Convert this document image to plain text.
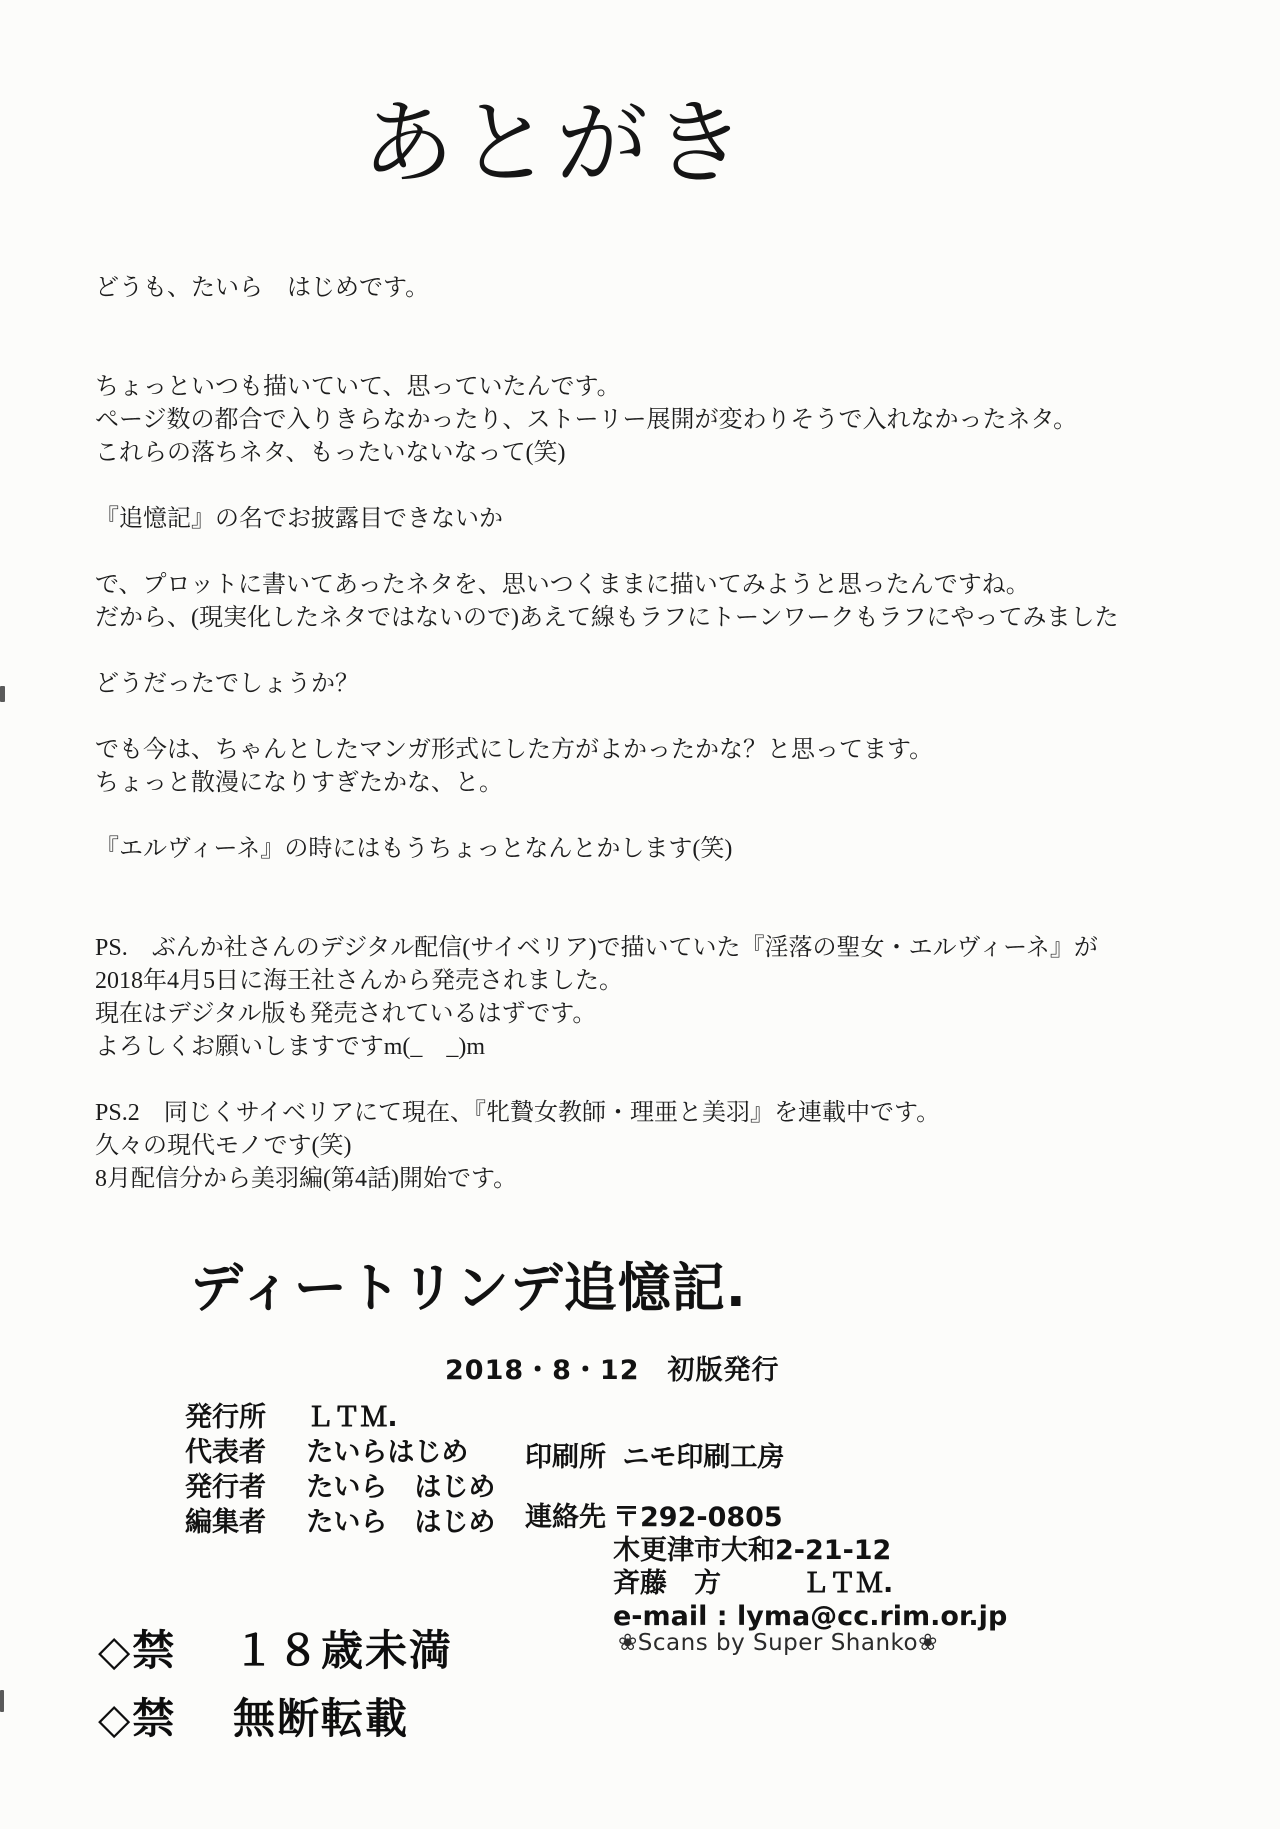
あとがき
どうも、たいら　はじめです。
ちょっといつも描いていて、思っていたんです。
ページ数の都合で入りきらなかったり、ストーリー展開が変わりそうで入れなかったネタ。
これらの落ちネタ、もったいないなって(笑)
『追憶記』の名でお披露目できないか
で、プロットに書いてあったネタを、思いつくままに描いてみようと思ったんですね。
だから、(現実化したネタではないので)あえて線もラフにトーンワークもラフにやってみました
どうだったでしょうか？
でも今は、ちゃんとしたマンガ形式にした方がよかったかな？と思ってます。
ちょっと散漫になりすぎたかな、と。
『エルヴィーネ』の時にはもうちょっとなんとかします(笑)
PS.　ぶんか社さんのデジタル配信(サイベリア)で描いていた『淫落の聖女・エルヴィーネ』が
2018年4月5日に海王社さんから発売されました。
現在はデジタル版も発売されているはずです。
よろしくお願いしますですm(_　_)m
PS.2　同じくサイベリアにて現在、『牝贄女教師・理亜と美羽』を連載中です。
久々の現代モノです(笑)
8月配信分から美羽編(第4話)開始です。
ディートリンデ追憶記.
2018・8・12　初版発行
発行所 ＬＴＭ.
代表者 たいらはじめ
発行者 たいら　はじめ
編集者 たいら　はじめ
印刷所 ニモ印刷工房
連絡先 〒292-0805
木更津市大和2-21-12
斉藤　方　　　ＬＴＭ.
e-mail : lyma@cc.rim.or.jp
❀Scans by Super Shanko❀
◇禁 １８歳未満
◇禁 無断転載
